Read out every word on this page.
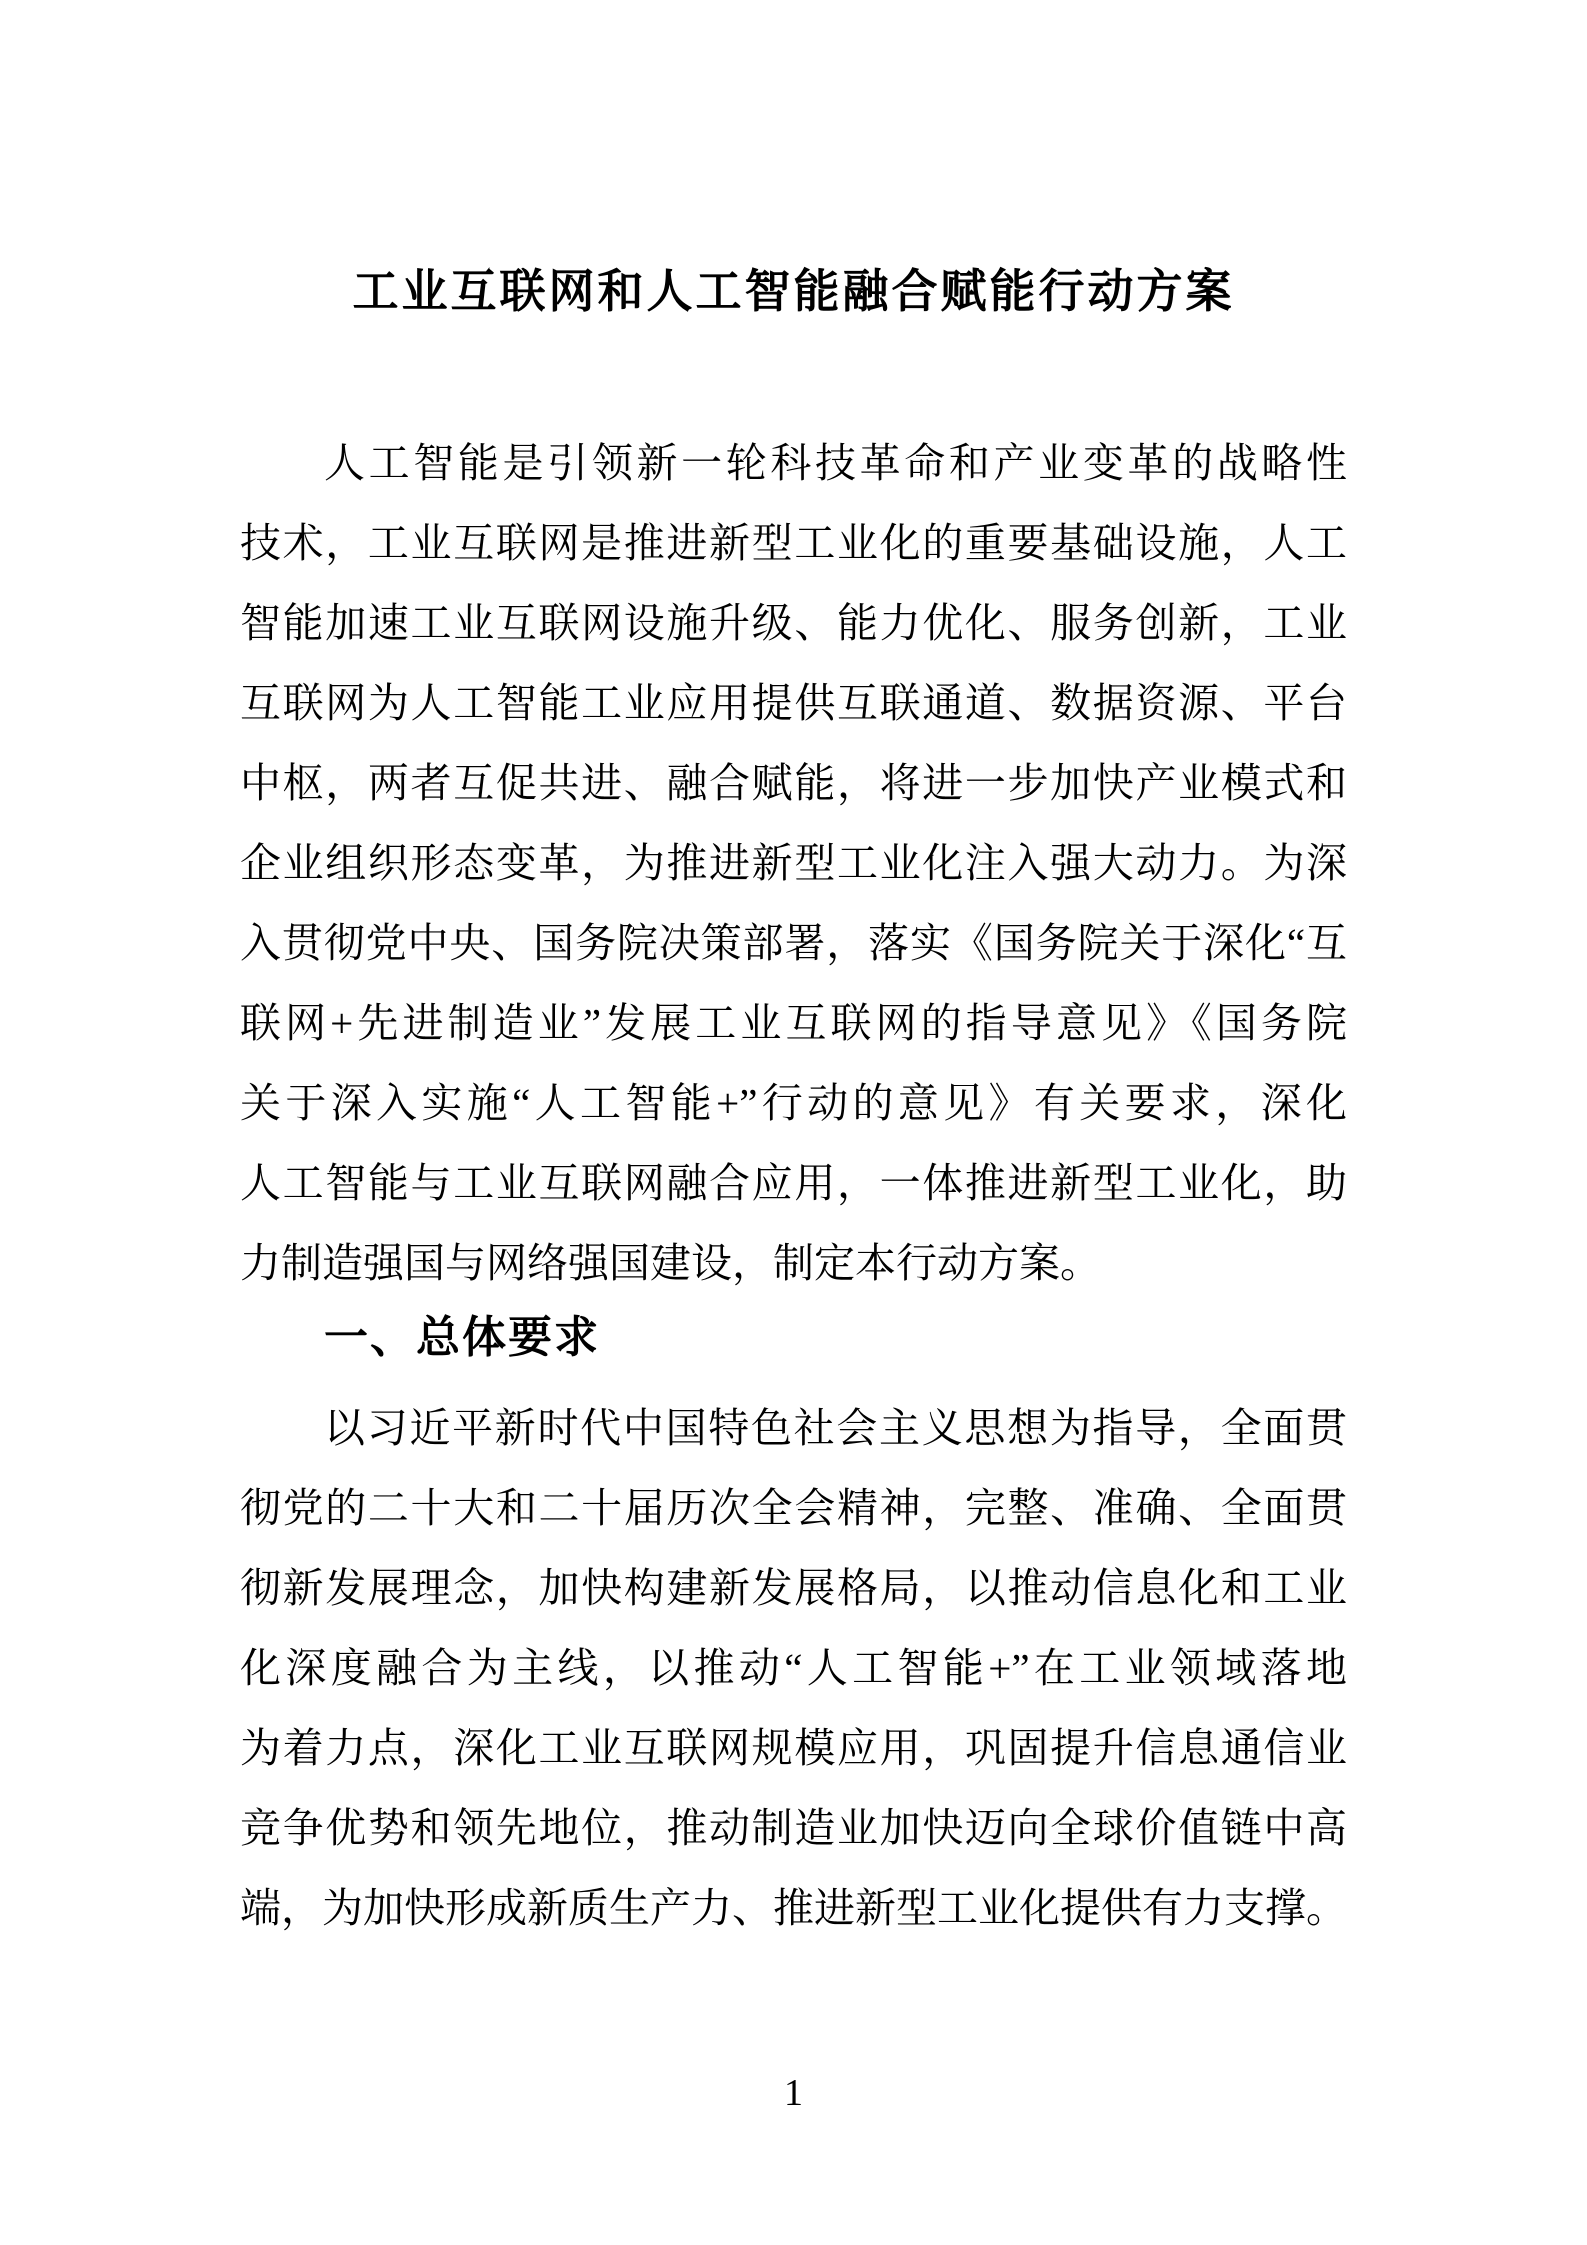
工业互联网和人工智能融合赋能行动方案
人工智能是引领新一轮科技革命和产业变革的战略性
技术，工业互联网是推进新型工业化的重要基础设施，人工
智能加速工业互联网设施升级、能力优化、服务创新，工业
互联网为人工智能工业应用提供互联通道、数据资源、平台
中枢，两者互促共进、融合赋能，将进一步加快产业模式和
企业组织形态变革，为推进新型工业化注入强大动力。为深
入贯彻党中央、国务院决策部署，落实《国务院关于深化“互
联网+先进制造业”发展工业互联网的指导意见》《国务院
关于深入实施“人工智能+”行动的意见》有关要求，深化
人工智能与工业互联网融合应用，一体推进新型工业化，助
力制造强国与网络强国建设，制定本行动方案。
一、总体要求
以习近平新时代中国特色社会主义思想为指导，全面贯
彻党的二十大和二十届历次全会精神，完整、准确、全面贯
彻新发展理念，加快构建新发展格局，以推动信息化和工业
化深度融合为主线，以推动“人工智能+”在工业领域落地
为着力点，深化工业互联网规模应用，巩固提升信息通信业
竞争优势和领先地位，推动制造业加快迈向全球价值链中高
端，为加快形成新质生产力、推进新型工业化提供有力支撑。
1
